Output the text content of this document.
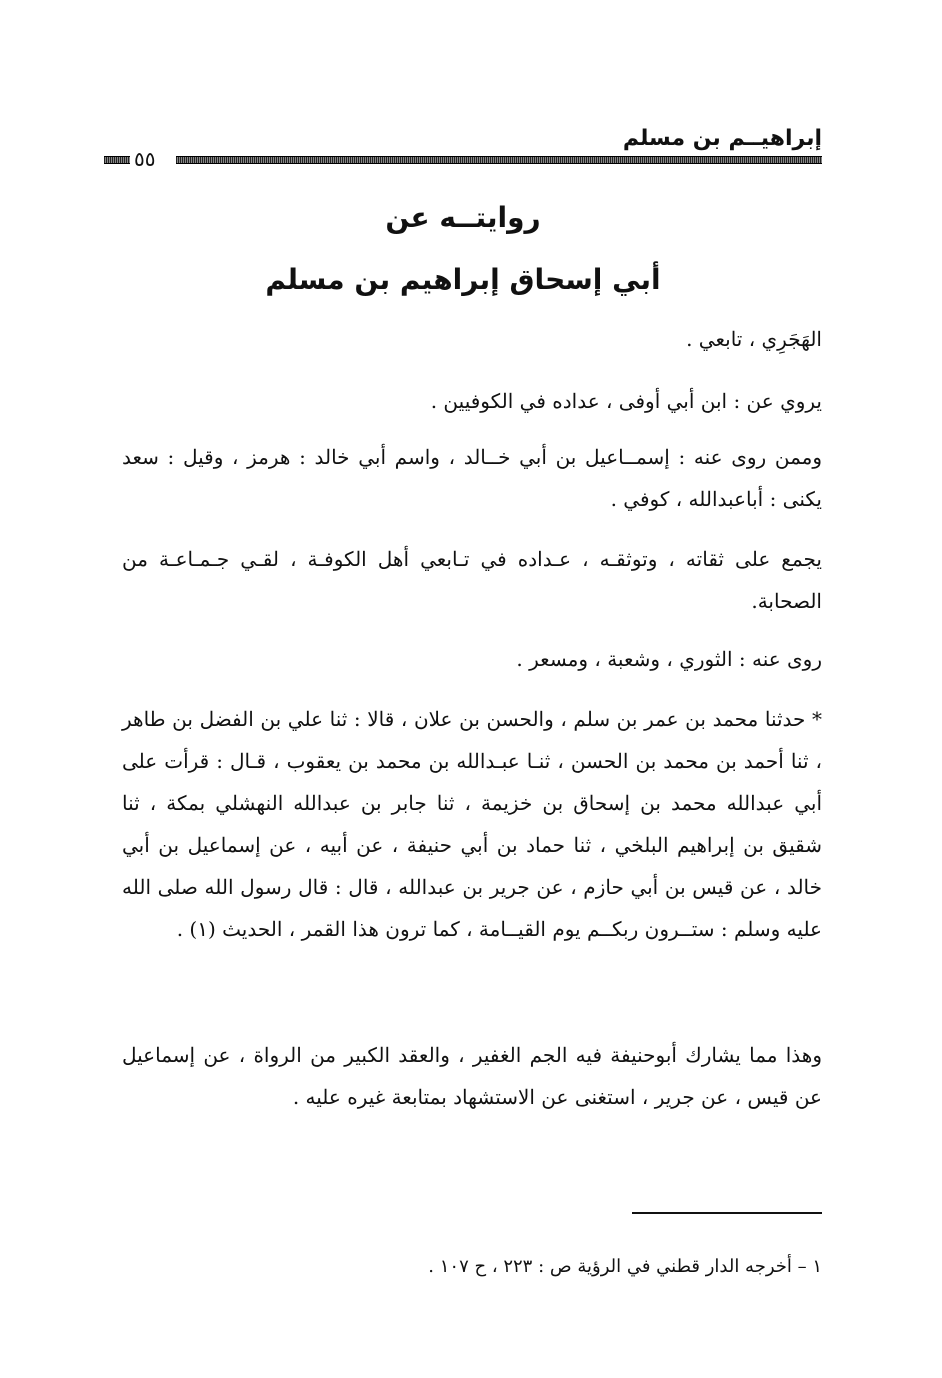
إبراهيــم بن مسلم
٥٥
روايتــه عن
أبي إسحاق إبراهيم بن مسلم

الهَجَرِي ، تابعي .

يروي عن : ابن أبي أوفى ، عداده في الكوفيين .

وممن روى عنه : إسمــاعيل بن أبي خــالد ، واسم أبي خالد : هرمز ، وقيل : سعد يكنى : أباعبدالله ، كوفي .

يجمع على ثقاته ، وتوثقـه ، عـداده في تـابعي أهل الكوفـة ، لقـي جـمـاعـة من الصحابة.

روى عنه : الثوري ، وشعبة ، ومسعر .

* حدثنا محمد بن عمر بن سلم ، والحسن بن علان ، قالا : ثنا علي بن الفضل بن طاهر ، ثنا أحمد بن محمد بن الحسن ، ثنـا عبـدالله بن محمد بن يعقوب ، قـال : قرأت على أبي عبدالله محمد بن إسحاق بن خزيمة ، ثنا جابر بن عبدالله النهشلي بمكة ، ثنا شقيق بن إبراهيم البلخي ، ثنا حماد بن أبي حنيفة ، عن أبيه ، عن إسماعيل بن أبي خالد ، عن قيس بن أبي حازم ، عن جرير بن عبدالله ، قال : قال رسول الله صلى الله عليه وسلم : ستــرون ربكــم يوم القيــامة ، كما ترون هذا القمر ، الحديث (١) .

وهذا مما يشارك أبوحنيفة فيه الجم الغفير ، والعقد الكبير من الرواة ، عن إسماعيل عن قيس ، عن جرير ، استغنى عن الاستشهاد بمتابعة غيره عليه .

١ – أخرجه الدار قطني في الرؤية ص : ٢٢٣ ، ح ١٠٧ .
